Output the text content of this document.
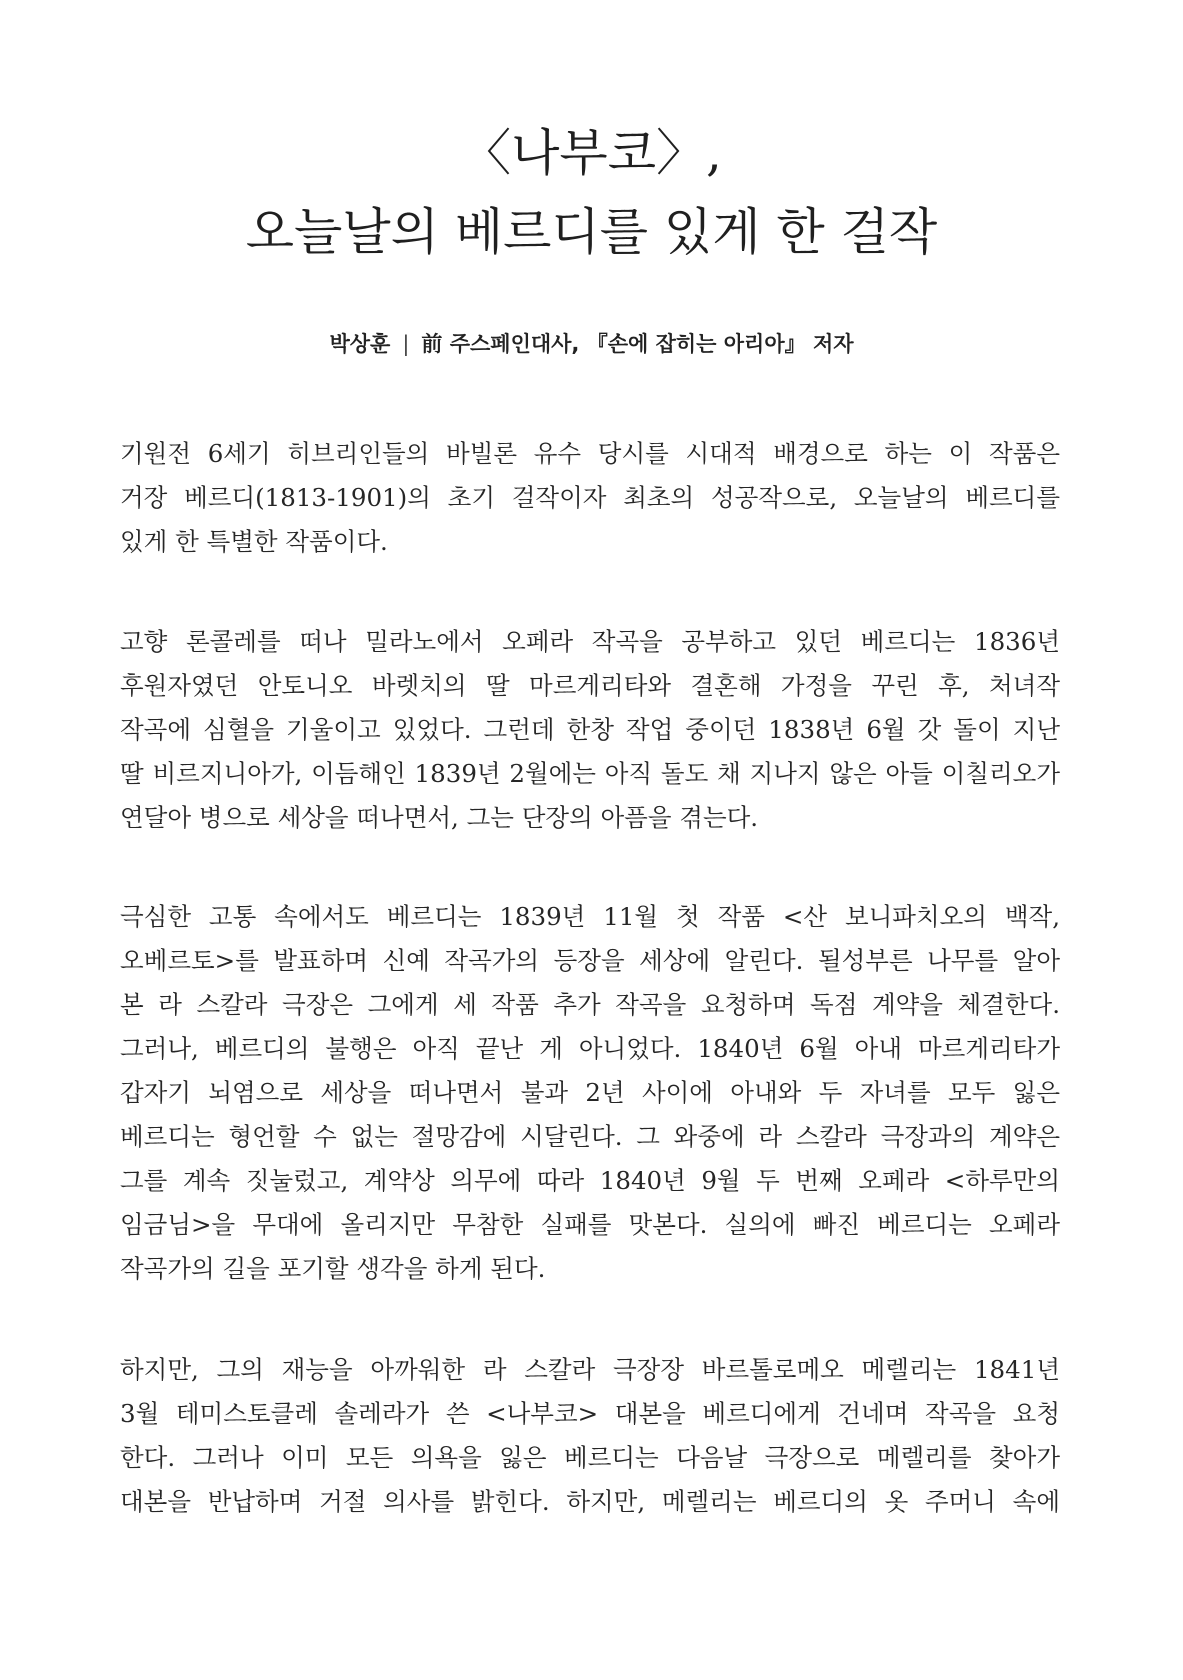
〈나부코〉,
오늘날의 베르디를 있게 한 걸작
박상훈 | 前 주스페인대사, 『손에 잡히는 아리아』 저자
기원전 6세기 히브리인들의 바빌론 유수 당시를 시대적 배경으로 하는 이 작품은
거장 베르디(1813-1901)의 초기 걸작이자 최초의 성공작으로, 오늘날의 베르디를
있게 한 특별한 작품이다.
고향 론콜레를 떠나 밀라노에서 오페라 작곡을 공부하고 있던 베르디는 1836년
후원자였던 안토니오 바렛치의 딸 마르게리타와 결혼해 가정을 꾸린 후, 처녀작
작곡에 심혈을 기울이고 있었다. 그런데 한창 작업 중이던 1838년 6월 갓 돌이 지난
딸 비르지니아가, 이듬해인 1839년 2월에는 아직 돌도 채 지나지 않은 아들 이칠리오가
연달아 병으로 세상을 떠나면서, 그는 단장의 아픔을 겪는다.
극심한 고통 속에서도 베르디는 1839년 11월 첫 작품 <산 보니파치오의 백작,
오베르토>를 발표하며 신예 작곡가의 등장을 세상에 알린다. 될성부른 나무를 알아
본 라 스칼라 극장은 그에게 세 작품 추가 작곡을 요청하며 독점 계약을 체결한다.
그러나, 베르디의 불행은 아직 끝난 게 아니었다. 1840년 6월 아내 마르게리타가
갑자기 뇌염으로 세상을 떠나면서 불과 2년 사이에 아내와 두 자녀를 모두 잃은
베르디는 형언할 수 없는 절망감에 시달린다. 그 와중에 라 스칼라 극장과의 계약은
그를 계속 짓눌렀고, 계약상 의무에 따라 1840년 9월 두 번째 오페라 <하루만의
임금님>을 무대에 올리지만 무참한 실패를 맛본다. 실의에 빠진 베르디는 오페라
작곡가의 길을 포기할 생각을 하게 된다.
하지만, 그의 재능을 아까워한 라 스칼라 극장장 바르톨로메오 메렐리는 1841년
3월 테미스토클레 솔레라가 쓴 <나부코> 대본을 베르디에게 건네며 작곡을 요청
한다. 그러나 이미 모든 의욕을 잃은 베르디는 다음날 극장으로 메렐리를 찾아가
대본을 반납하며 거절 의사를 밝힌다. 하지만, 메렐리는 베르디의 옷 주머니 속에
